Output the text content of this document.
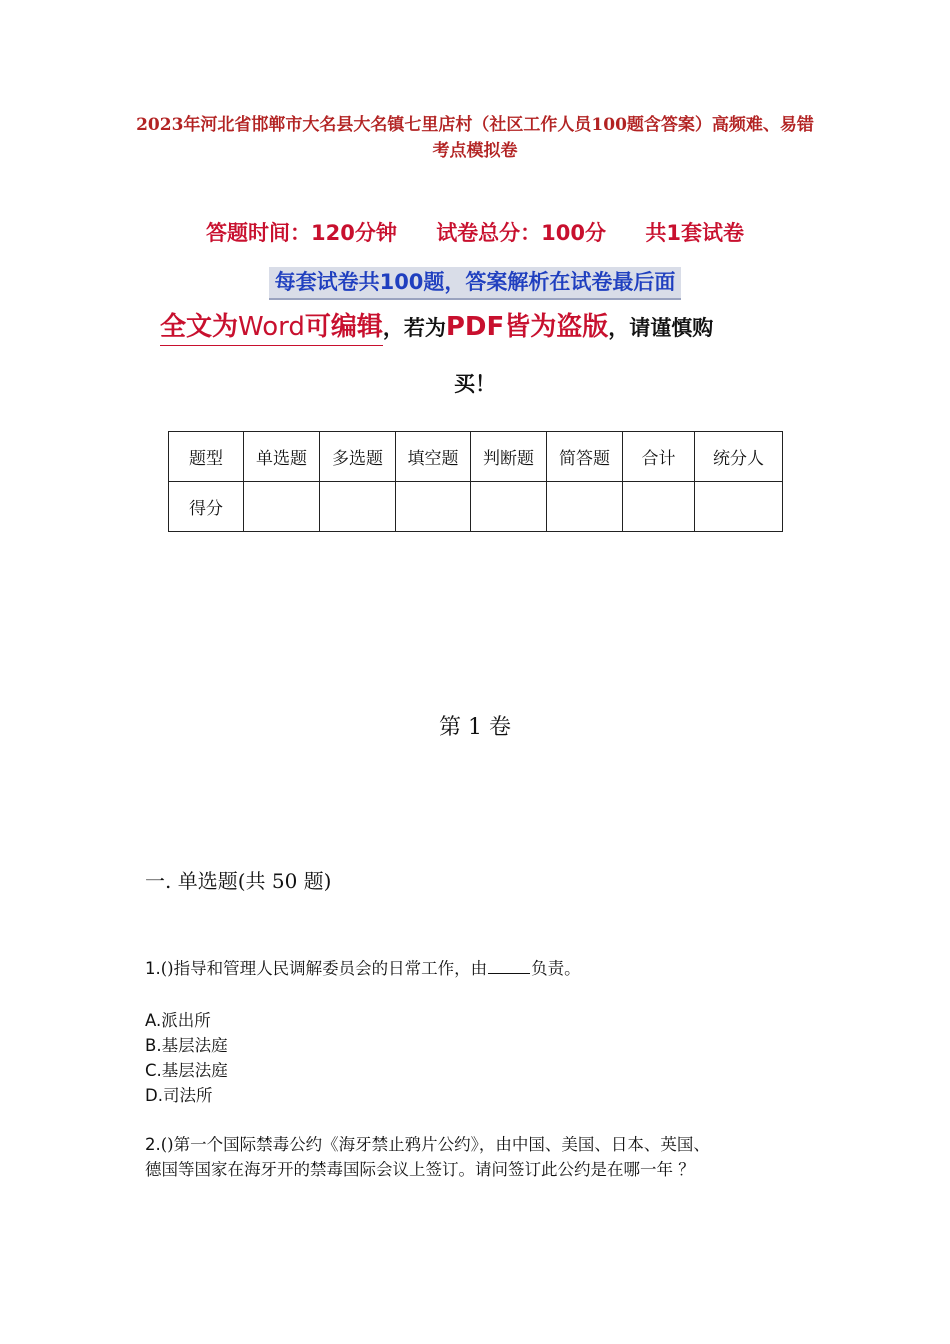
2023年河北省邯郸市大名县大名镇七里店村（社区工作人员100题含答案）高频难、易错考点模拟卷
答题时间：120分钟 试卷总分：100分 共1套试卷
每套试卷共100题，答案解析在试卷最后面
全文为Word可编辑，若为PDF皆为盗版，请谨慎购
买！
题型	单选题	多选题	填空题	判断题	简答题	合计	统分人
得分							
第 1 卷
一. 单选题(共 50 题)
1.()指导和管理人民调解委员会的日常工作，由	负责。
A.派出所
B.基层法庭
C.基层法庭
D.司法所
2.()第一个国际禁毒公约《海牙禁止鸦片公约》，由中国、美国、日本、英国、
德国等国家在海牙开的禁毒国际会议上签订。请问签订此公约是在哪一年 ？
